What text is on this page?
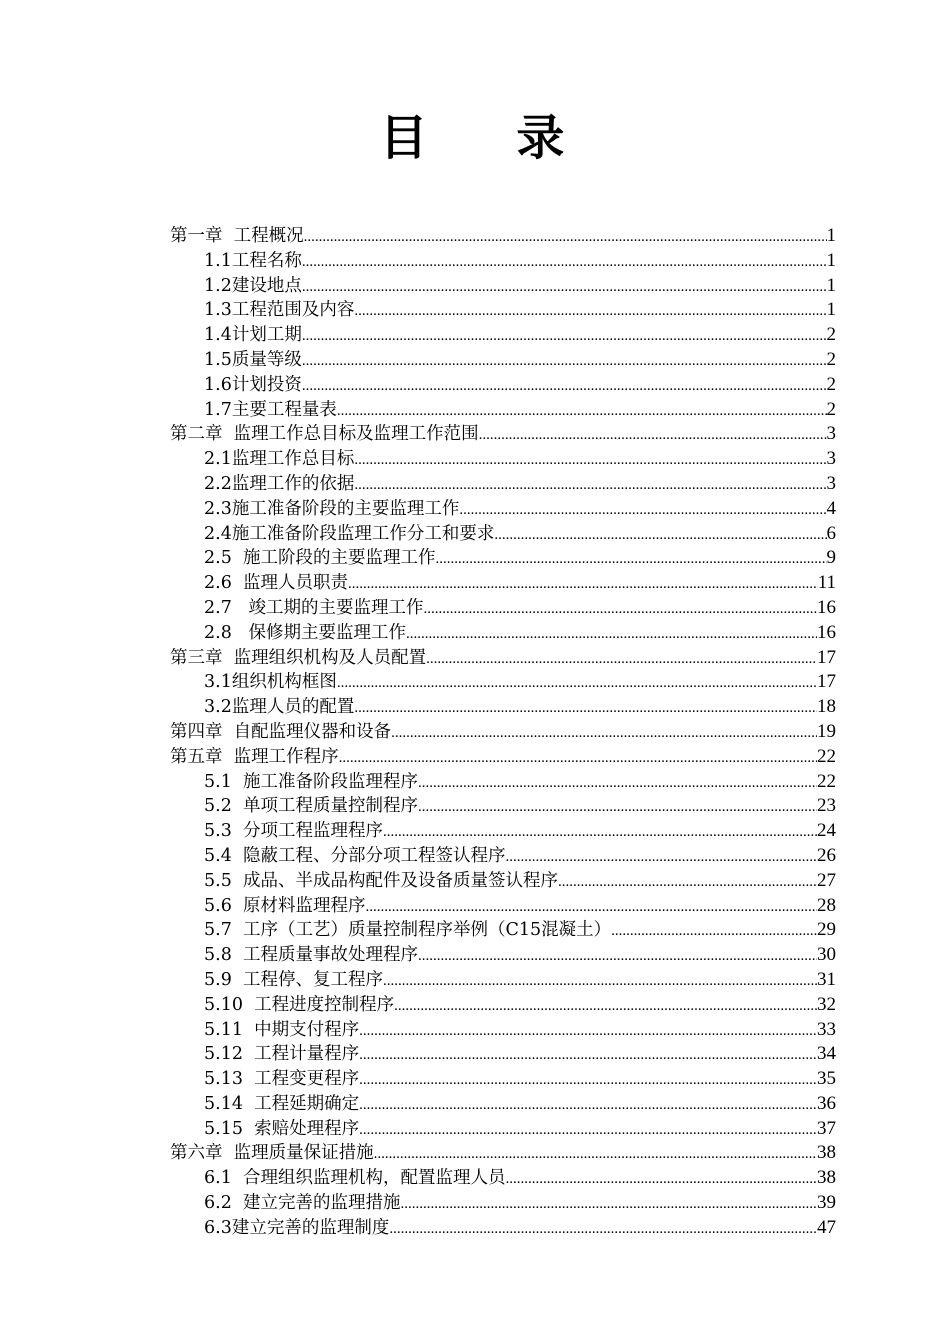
目 录
第一章  工程概况 .....	1
1.1工程名称 .....	1
1.2建设地点 .....	1
1.3工程范围及内容 .....	1
1.4计划工期 .....	2
1.5质量等级 .....	2
1.6计划投资 .....	2
1.7主要工程量表 .....	2
第二章  监理工作总目标及监理工作范围 .....	3
2.1监理工作总目标 .....	3
2.2监理工作的依据 .....	3
2.3施工准备阶段的主要监理工作 .....	4
2.4施工准备阶段监理工作分工和要求 .....	6
2.5  施工阶段的主要监理工作 .....	9
2.6  监理人员职责 .....	11
2.7   竣工期的主要监理工作 .....	16
2.8   保修期主要监理工作 .....	16
第三章  监理组织机构及人员配置 .....	17
3.1组织机构框图 .....	17
3.2监理人员的配置 .....	18
第四章  自配监理仪器和设备 .....	19
第五章  监理工作程序 .....	22
5.1  施工准备阶段监理程序 .....	22
5.2  单项工程质量控制程序 .....	23
5.3  分项工程监理程序 .....	24
5.4  隐蔽工程、分部分项工程签认程序 .....	26
5.5  成品、半成品构配件及设备质量签认程序 .....	27
5.6  原材料监理程序 .....	28
5.7  工序（工艺）质量控制程序举例（C15混凝土） .....	29
5.8  工程质量事故处理程序 .....	30
5.9  工程停、复工程序 .....	31
5.10  工程进度控制程序 .....	32
5.11  中期支付程序 .....	33
5.12  工程计量程序 .....	34
5.13  工程变更程序 .....	35
5.14  工程延期确定 .....	36
5.15  索赔处理程序 .....	37
第六章  监理质量保证措施 .....	38
6.1  合理组织监理机构，配置监理人员 .....	38
6.2  建立完善的监理措施 .....	39
6.3建立完善的监理制度 .....	47
